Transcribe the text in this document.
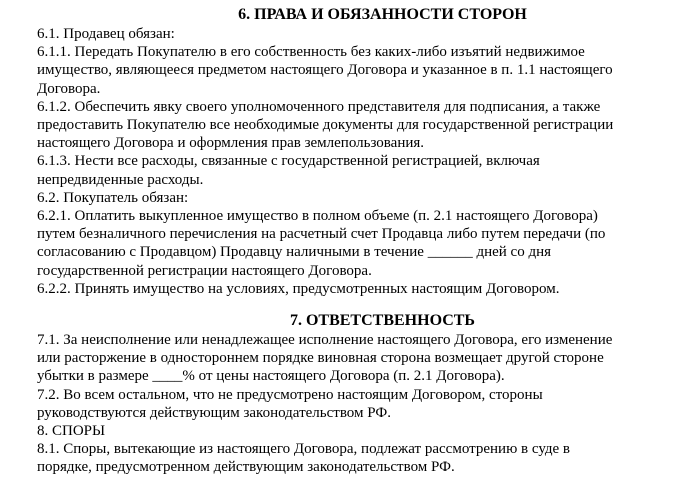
6. ПРАВА И ОБЯЗАННОСТИ СТОРОН

6.1. Продавец обязан:

6.1.1. Передать Покупателю в его собственность без каких-либо изъятий недвижимое
имущество, являющееся предметом настоящего Договора и указанное в п. 1.1 настоящего
Договора.

6.1.2. Обеспечить явку своего уполномоченного представителя для подписания, а также
предоставить Покупателю все необходимые документы для государственной регистрации
настоящего Договора и оформления прав землепользования.

6.1.3. Нести все расходы, связанные с государственной регистрацией, включая
непредвиденные расходы.

6.2. Покупатель обязан:

6.2.1. Оплатить выкупленное имущество в полном объеме (п. 2.1 настоящего Договора)
путем безналичного перечисления на расчетный счет Продавца либо путем передачи (по
согласованию с Продавцом) Продавцу наличными в течение ______ дней со дня
государственной регистрации настоящего Договора.

6.2.2. Принять имущество на условиях, предусмотренных настоящим Договором.

7. ОТВЕТСТВЕННОСТЬ

7.1. За неисполнение или ненадлежащее исполнение настоящего Договора, его изменение
или расторжение в одностороннем порядке виновная сторона возмещает другой стороне
убытки в размере ____% от цены настоящего Договора (п. 2.1 Договора).

7.2. Во всем остальном, что не предусмотрено настоящим Договором, стороны
руководствуются действующим законодательством РФ.

8. СПОРЫ

8.1. Споры, вытекающие из настоящего Договора, подлежат рассмотрению в суде в
порядке, предусмотренном действующим законодательством РФ.
